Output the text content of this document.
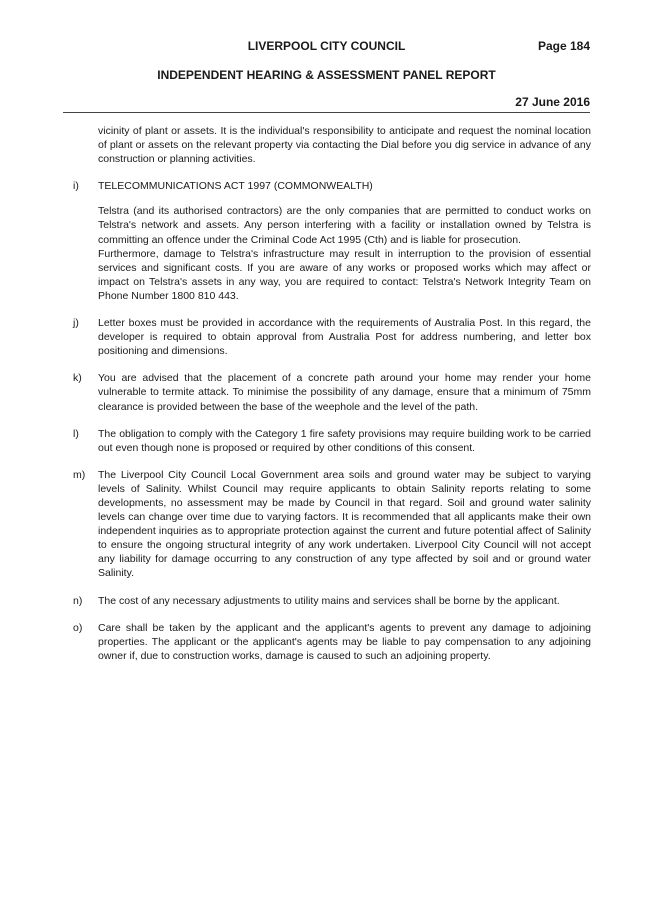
LIVERPOOL CITY COUNCIL	Page 184
INDEPENDENT HEARING & ASSESSMENT PANEL REPORT
27 June 2016

vicinity of plant or assets. It is the individual's responsibility to anticipate and request the nominal location of plant or assets on the relevant property via contacting the Dial before you dig service in advance of any construction or planning activities.

i) TELECOMMUNICATIONS ACT 1997 (COMMONWEALTH)

Telstra (and its authorised contractors) are the only companies that are permitted to conduct works on Telstra's network and assets. Any person interfering with a facility or installation owned by Telstra is committing an offence under the Criminal Code Act 1995 (Cth) and is liable for prosecution.

Furthermore, damage to Telstra's infrastructure may result in interruption to the provision of essential services and significant costs. If you are aware of any works or proposed works which may affect or impact on Telstra's assets in any way, you are required to contact: Telstra's Network Integrity Team on Phone Number 1800 810 443.

j) Letter boxes must be provided in accordance with the requirements of Australia Post. In this regard, the developer is required to obtain approval from Australia Post for address numbering, and letter box positioning and dimensions.

k) You are advised that the placement of a concrete path around your home may render your home vulnerable to termite attack. To minimise the possibility of any damage, ensure that a minimum of 75mm clearance is provided between the base of the weephole and the level of the path.

l) The obligation to comply with the Category 1 fire safety provisions may require building work to be carried out even though none is proposed or required by other conditions of this consent.

m) The Liverpool City Council Local Government area soils and ground water may be subject to varying levels of Salinity. Whilst Council may require applicants to obtain Salinity reports relating to some developments, no assessment may be made by Council in that regard. Soil and ground water salinity levels can change over time due to varying factors. It is recommended that all applicants make their own independent inquiries as to appropriate protection against the current and future potential affect of Salinity to ensure the ongoing structural integrity of any work undertaken. Liverpool City Council will not accept any liability for damage occurring to any construction of any type affected by soil and or ground water Salinity.

n) The cost of any necessary adjustments to utility mains and services shall be borne by the applicant.

o) Care shall be taken by the applicant and the applicant's agents to prevent any damage to adjoining properties. The applicant or the applicant's agents may be liable to pay compensation to any adjoining owner if, due to construction works, damage is caused to such an adjoining property.
